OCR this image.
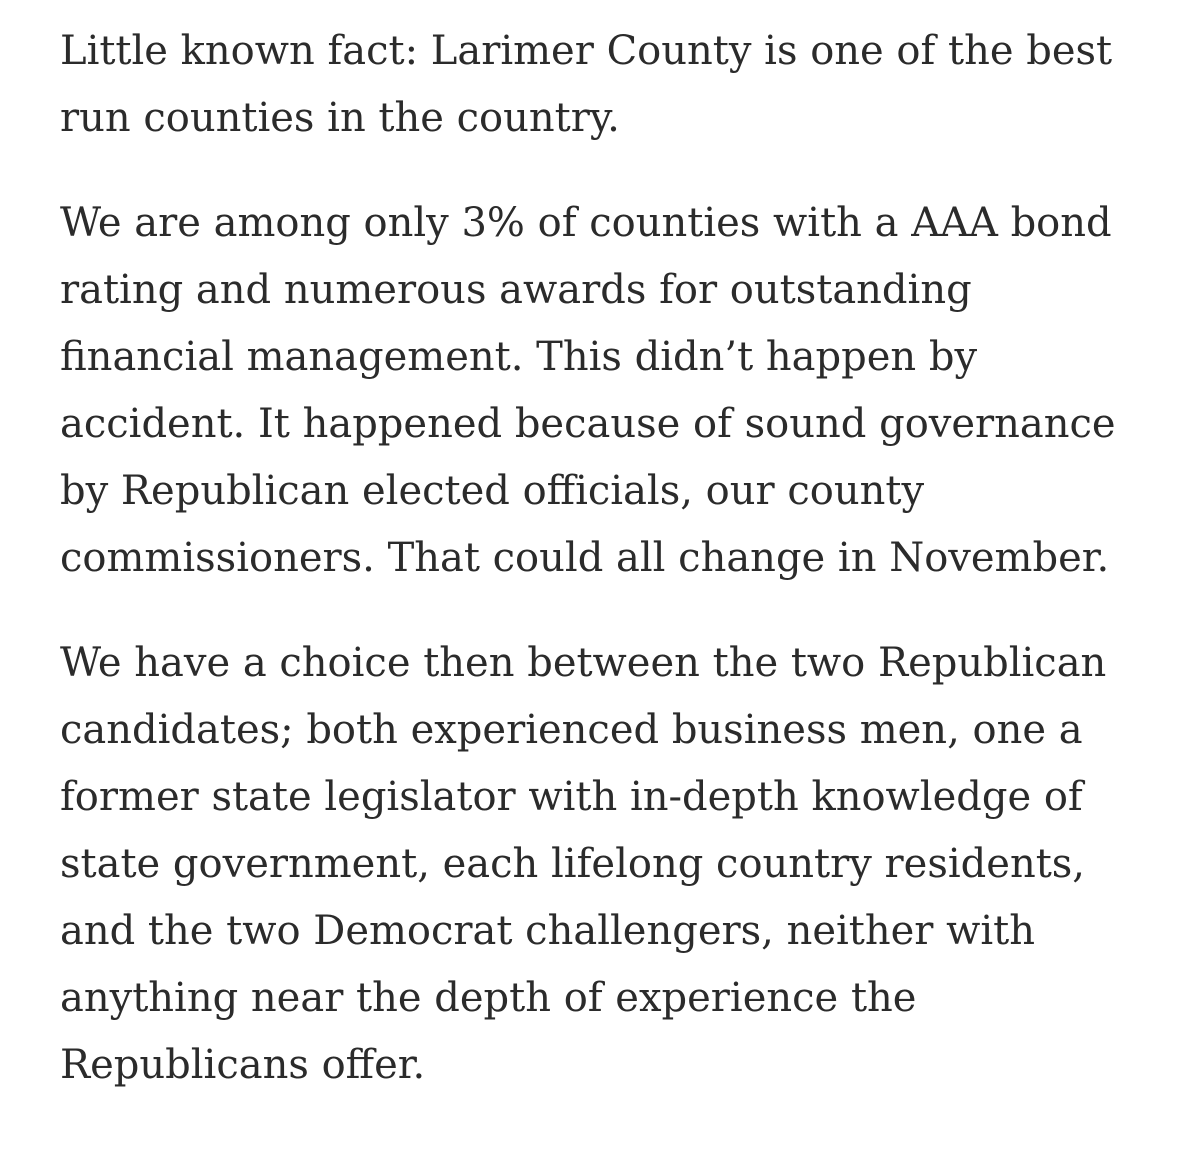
Little known fact: Larimer County is one of the best
run counties in the country.

We are among only 3% of counties with a AAA bond
rating and numerous awards for outstanding
financial management. This didn’t happen by
accident. It happened because of sound governance
by Republican elected officials, our county
commissioners. That could all change in November.

We have a choice then between the two Republican
candidates; both experienced business men, one a
former state legislator with in-depth knowledge of
state government, each lifelong country residents,
and the two Democrat challengers, neither with
anything near the depth of experience the
Republicans offer.
